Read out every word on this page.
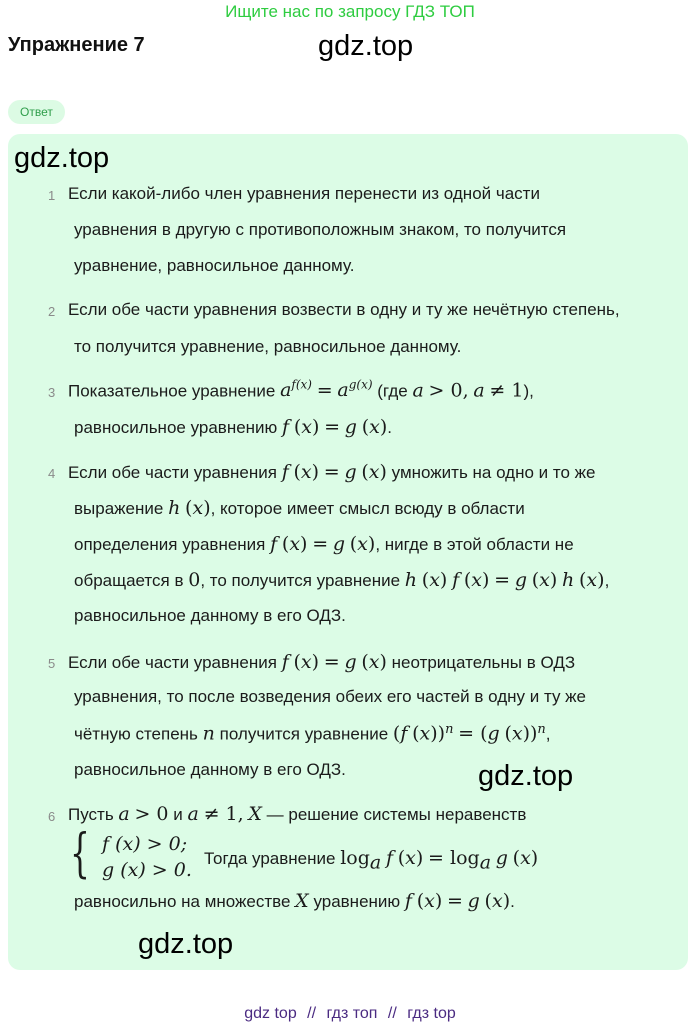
Ищите нас по запросу ГДЗ ТОП
Упражнение 7	gdz.top
Ответ
gdz.top
1 Если какой-либо член уравнения перенести из одной части
уравнения в другую с противоположным знаком, то получится
уравнение, равносильное данному.
2 Если обе части уравнения возвести в одну и ту же нечётную степень,
то получится уравнение, равносильное данному.
3 Показательное уравнение $a^{f(x)} = a^{g(x)}$ (где a > 0, a ≠ 1),
равносильное уравнению f (x) = g (x).
4 Если обе части уравнения f (x) = g (x) умножить на одно и то же
выражение h (x), которое имеет смысл всюду в области
определения уравнения f (x) = g (x), нигде в этой области не
обращается в 0, то получится уравнение h (x) f (x) = g (x) h (x),
равносильное данному в его ОДЗ.
5 Если обе части уравнения f (x) = g (x) неотрицательны в ОДЗ
уравнения, то после возведения обеих его частей в одну и ту же
чётную степень n получится уравнение (f (x))$^n$ = (g (x))$^n$,
равносильное данному в его ОДЗ.	gdz.top
6 Пусть a > 0 и a ≠ 1, X — решение системы неравенств
{ f (x) > 0;
g (x) > 0.
Тогда уравнение $\log_a f$ $(x) = \log_a g$ (x)
равносильно на множестве X уравнению f (x) = g (x).
gdz.top
gdz top // гдз топ // гдз top
